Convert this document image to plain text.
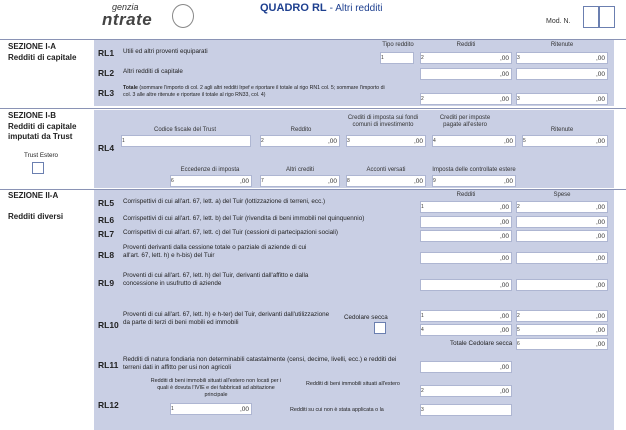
genzia
ntrate
QUADRO RL - Altri redditi
Mod. N.
SEZIONE I-A
Redditi di capitale
Tipo reddito	Redditi	Ritenute
RL1 Utili ed altri proventi equiparati
1	2	,00	3	,00
RL2 Altri redditi di capitale	,00	,00
RL3 Totale (sommare l'importo di col. 2 agli altri redditi Irpef e riportare il totale al rigo RN1 col. 5; sommare l'importo di col. 3 alle altre ritenute e riportare il totale al rigo RN33, col. 4)
2	,00	3	,00
SEZIONE I-B
Redditi di capitale imputati da Trust
Trust Estero
Codice fiscale del Trust	Reddito
Crediti di imposta sui fondi comuni di investimento
Crediti per imposte pagate all'estero
Ritenute
RL4
1	2	,00	3	,00	4	,00	5	,00
Eccedenze di imposta	Altri crediti	Acconti versati	Imposta delle controllate estere
6	,00	7	,00	8	,00	9	,00
SEZIONE II-A
Redditi diversi
Redditi	Spese
RL5 Corrispettivi di cui all'art. 67, lett. a) del Tuir (lottizzazione di terreni, ecc.)
1	,00	2	,00
RL6 Corrispettivi di cui all'art. 67, lett. b) del Tuir (rivendita di beni immobili nel quinquennio)
,00	,00
RL7 Corrispettivi di cui all'art. 67, lett. c) del Tuir (cessioni di partecipazioni sociali)
,00	,00
RL8
Proventi derivanti dalla cessione totale o parziale di aziende di cui all'art. 67, lett. h) e h-bis) del Tuir	,00	,00
RL9
Proventi di cui all'art. 67, lett. h) del Tuir, derivanti dall'affitto e dalla concessione in usufrutto di aziende	,00	,00
RL10
Proventi di cui all'art. 67, lett. h) e h-ter) del Tuir, derivanti dall'utilizzazione da parte di terzi di beni mobili ed immobili
Cedolare secca	1	,00	2	,00
4	,00	5	,00
Totale Cedolare secca 6	,00
RL11
Redditi di natura fondiaria non determinabili catastalmente (censi, decime, livelli, ecc.) e redditi dei terreni dati in affitto per usi non agricoli	,00
RL12
Redditi di beni immobili situati all'estero non locati per i quali è dovuta l'IVIE e dei fabbricati ad abitazione principale
Redditi di beni immobili situati all'estero
1	,00
2	,00
Redditi su cui non è stata applicata o la	3
